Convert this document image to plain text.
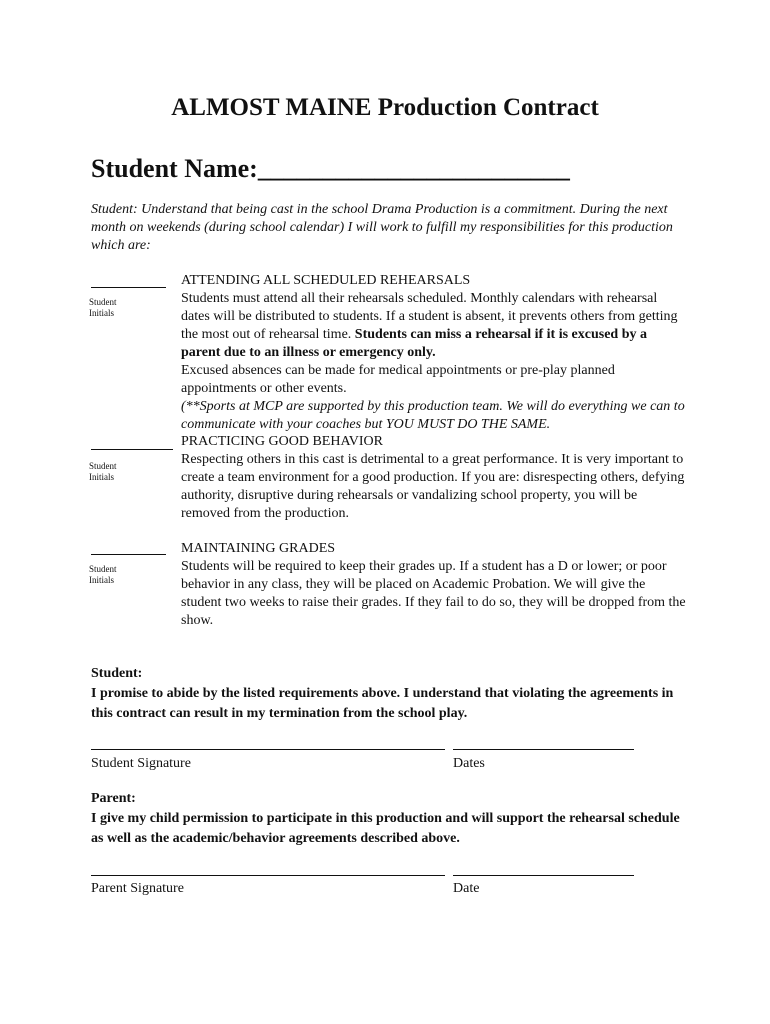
ALMOST MAINE Production Contract
Student Name:________________________
Student: Understand that being cast in the school Drama Production is a commitment. During the next month on weekends (during school calendar) I will work to fulfill my responsibilities for this production which are:
Student
Initials

ATTENDING ALL SCHEDULED REHEARSALS

Students must attend all their rehearsals scheduled. Monthly calendars with rehearsal dates will be distributed to students. If a student is absent, it prevents others from getting the most out of rehearsal time. Students can miss a rehearsal if it is excused by a parent due to an illness or emergency only.

Excused absences can be made for medical appointments or pre-play planned appointments or other events.

(**Sports at MCP are supported by this production team. We will do everything we can to communicate with your coaches but YOU MUST DO THE SAME.

Student
Initials

PRACTICING GOOD BEHAVIOR

Respecting others in this cast is detrimental to a great performance. It is very important to create a team environment for a good production. If you are: disrespecting others, defying authority, disruptive during rehearsals or vandalizing school property, you will be removed from the production.

Student
Initials

MAINTAINING GRADES

Students will be required to keep their grades up. If a student has a D or lower; or poor behavior in any class, they will be placed on Academic Probation. We will give the student two weeks to raise their grades. If they fail to do so, they will be dropped from the show.

Student:

I promise to abide by the listed requirements above. I understand that violating the agreements in this contract can result in my termination from the school play.

Student Signature	Dates

Parent:

I give my child permission to participate in this production and will support the rehearsal schedule as well as the academic/behavior agreements described above.

Parent Signature	Date
